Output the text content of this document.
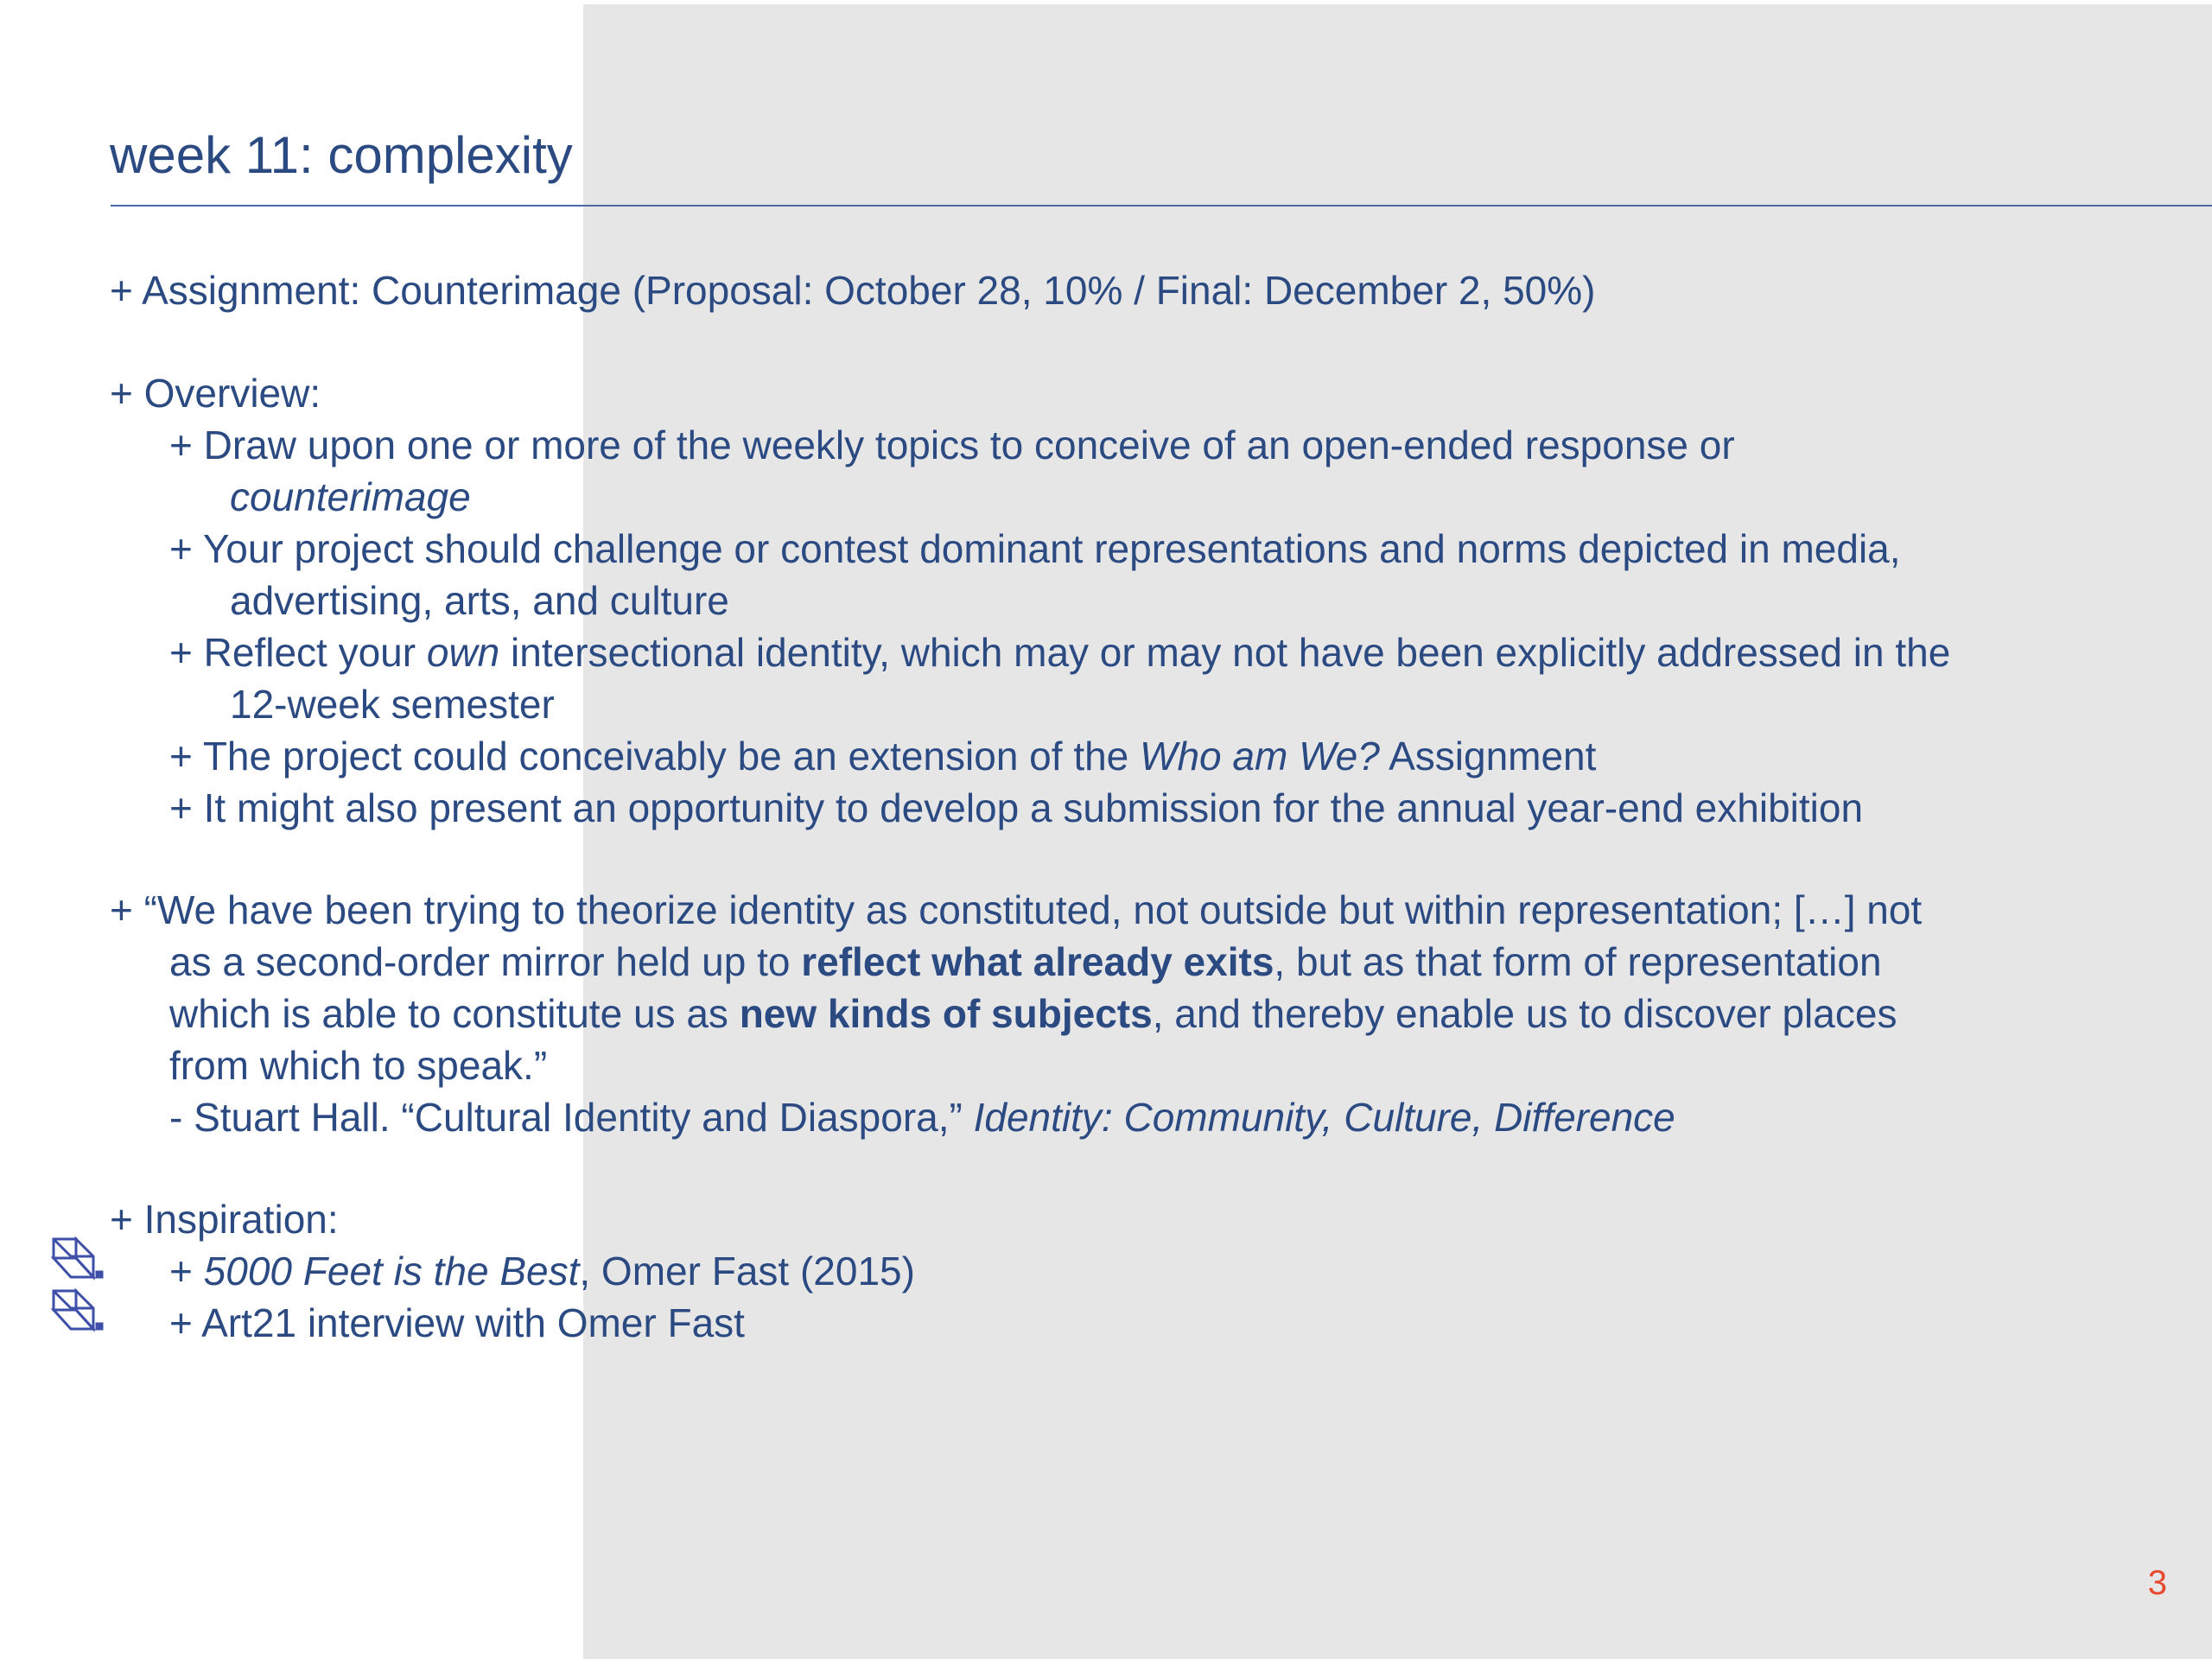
week 11: complexity
+ Assignment: Counterimage (Proposal: October 28, 10% / Final: December 2, 50%)
+ Overview:
+ Draw upon one or more of the weekly topics to conceive of an open-ended response or
counterimage
+ Your project should challenge or contest dominant representations and norms depicted in media,
advertising, arts, and culture
+ Reflect your own intersectional identity, which may or may not have been explicitly addressed in the
12-week semester
+ The project could conceivably be an extension of the Who am We? Assignment
+ It might also present an opportunity to develop a submission for the annual year-end exhibition
+ “We have been trying to theorize identity as constituted, not outside but within representation; […] not
as a second-order mirror held up to reflect what already exits, but as that form of representation
which is able to constitute us as new kinds of subjects, and thereby enable us to discover places
from which to speak.”
- Stuart Hall. “Cultural Identity and Diaspora,” Identity: Community, Culture, Difference
+ Inspiration:
+ 5000 Feet is the Best, Omer Fast (2015)
+ Art21 interview with Omer Fast
3
